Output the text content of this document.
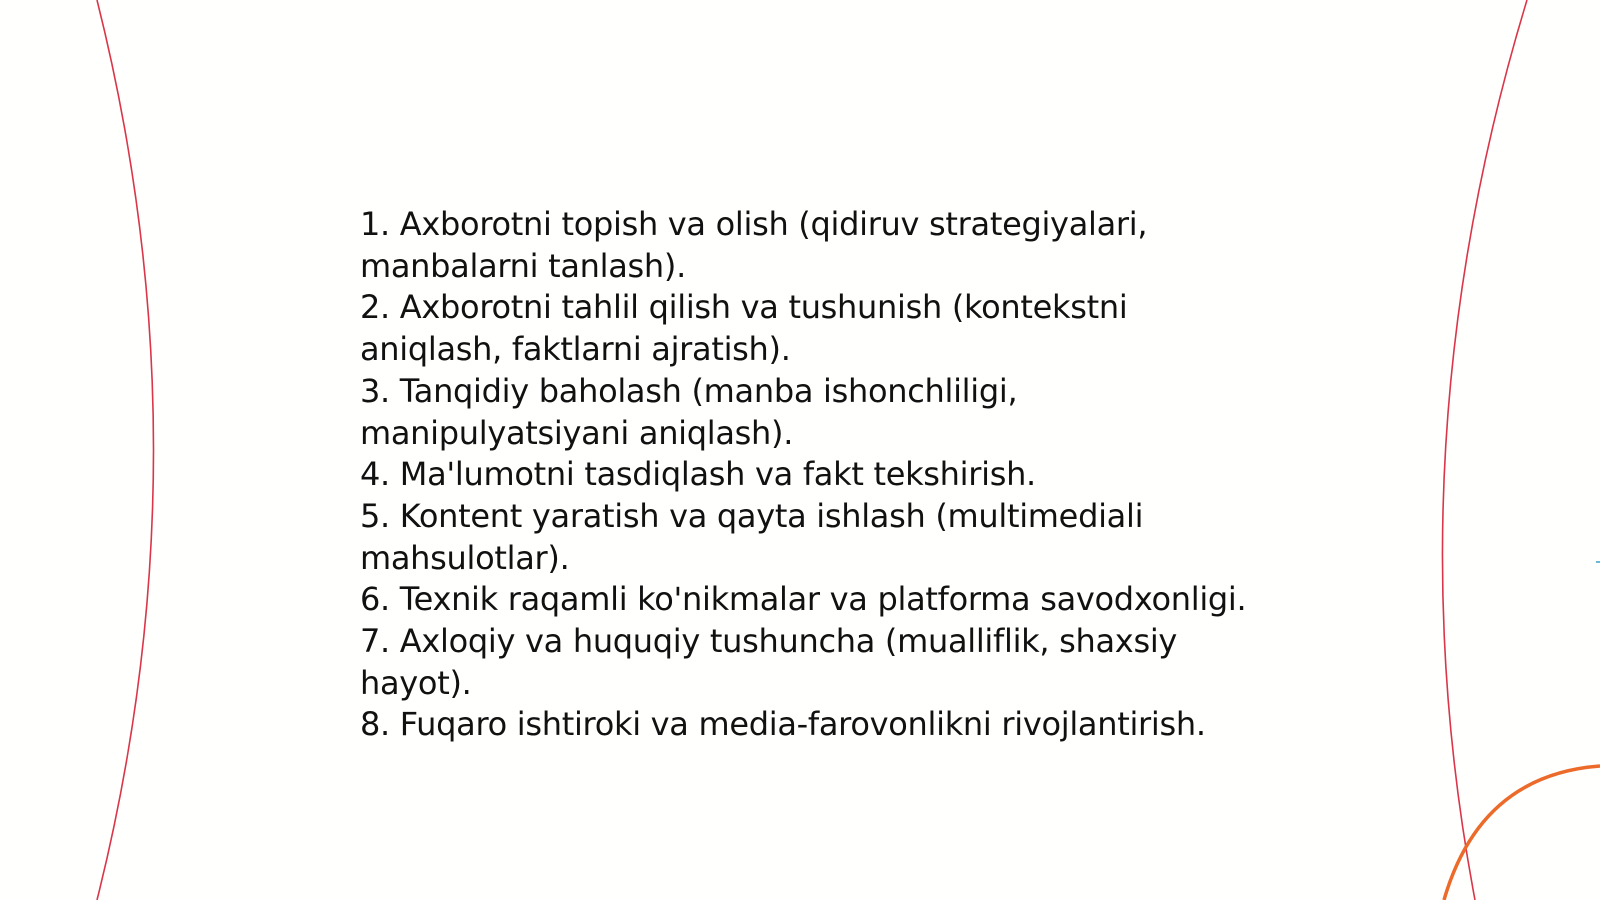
1. Axborotni topish va olish (qidiruv strategiyalari, manbalarni tanlash).
2. Axborotni tahlil qilish va tushunish (kontekstni aniqlash, faktlarni ajratish).
3. Tanqidiy baholash (manba ishonchliligi, manipulyatsiyani aniqlash).
4. Ma'lumotni tasdiqlash va fakt tekshirish.
5. Kontent yaratish va qayta ishlash (multimediali mahsulotlar).
6. Texnik raqamli ko'nikmalar va platforma savodxonligi.
7. Axloqiy va huquqiy tushuncha (mualliflik, shaxsiy hayot).
8. Fuqaro ishtiroki va media-farovonlikni rivojlantirish.
